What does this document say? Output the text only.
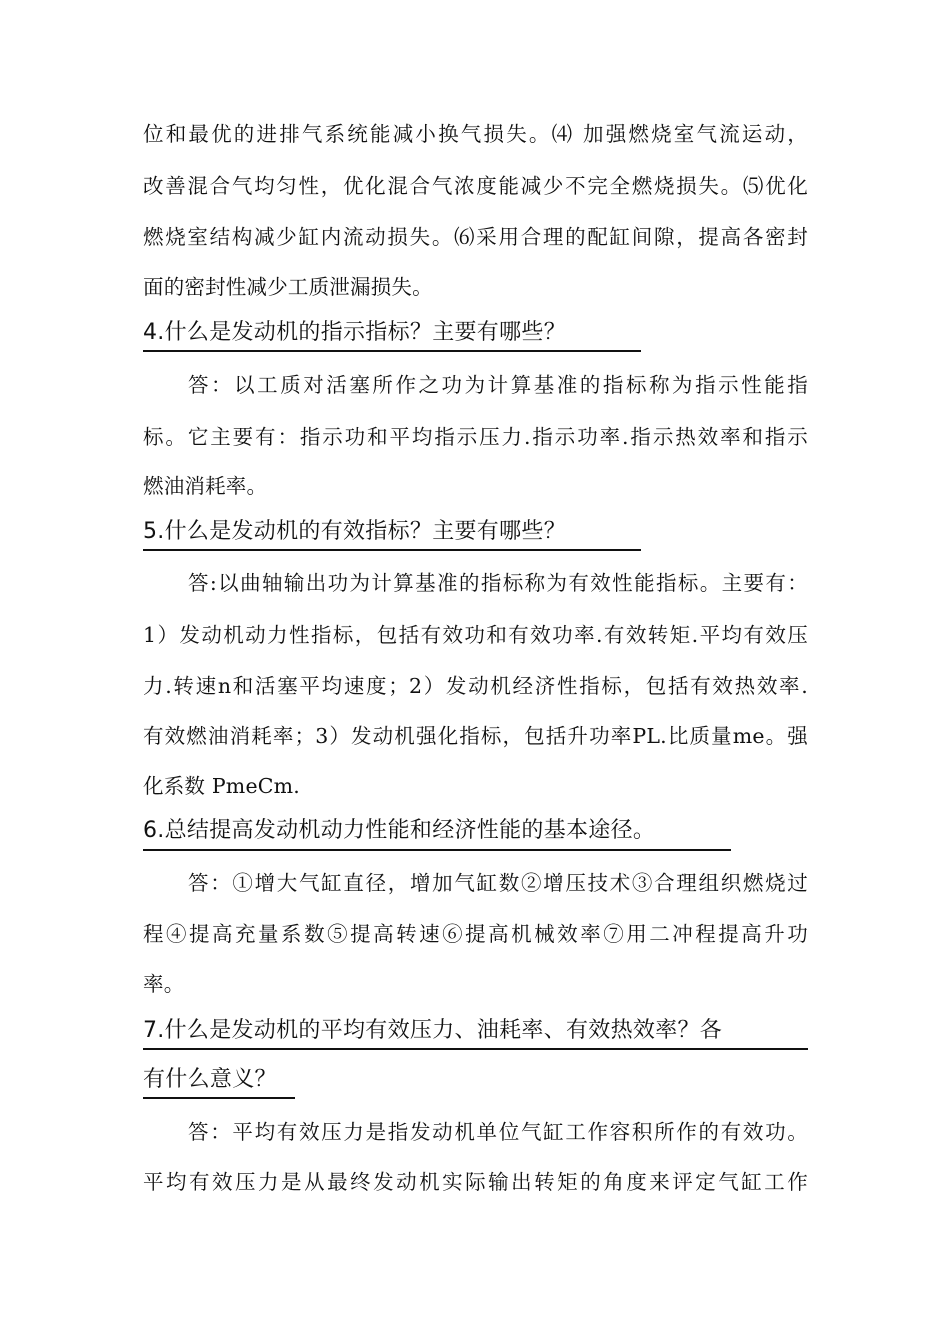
位和最优的进排气系统能减小换气损失。⑷ 加强燃烧室气流运动，
改善混合气均匀性，优化混合气浓度能减少不完全燃烧损失。⑸优化
燃烧室结构减少缸内流动损失。⑹采用合理的配缸间隙，提高各密封
面的密封性减少工质泄漏损失。
4.什么是发动机的指示指标？主要有哪些？
答：以工质对活塞所作之功为计算基准的指标称为指示性能指
标。它主要有：指示功和平均指示压力.指示功率.指示热效率和指示
燃油消耗率。
5.什么是发动机的有效指标？主要有哪些？
答:以曲轴输出功为计算基准的指标称为有效性能指标。主要有：
1）发动机动力性指标，包括有效功和有效功率.有效转矩.平均有效压
力.转速n和活塞平均速度；2）发动机经济性指标，包括有效热效率.
有效燃油消耗率；3）发动机强化指标，包括升功率PL.比质量me。强
化系数 PmeCm.
6.总结提高发动机动力性能和经济性能的基本途径。
答：①增大气缸直径，增加气缸数②增压技术③合理组织燃烧过
程④提高充量系数⑤提高转速⑥提高机械效率⑦用二冲程提高升功
率。
7.什么是发动机的平均有效压力、油耗率、有效热效率？各
有什么意义？
答：平均有效压力是指发动机单位气缸工作容积所作的有效功。
平均有效压力是从最终发动机实际输出转矩的角度来评定气缸工作
